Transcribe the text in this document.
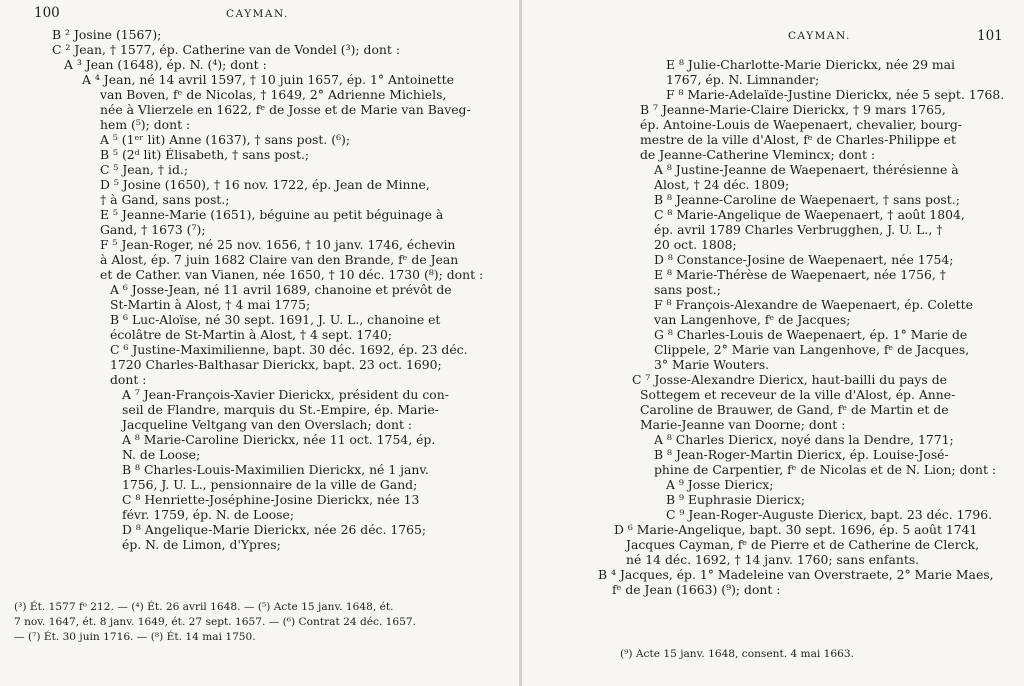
100	CAYMAN.
B ² Josine (1567);
C ² Jean, † 1577, ép. Catherine van de Vondel (³); dont :
A ³ Jean (1648), ép. N. (⁴); dont :
A ⁴ Jean, né 14 avril 1597, † 10 juin 1657, ép. 1° Antoinette
van Boven, fᵉ de Nicolas, † 1649, 2° Adrienne Michiels,
née à Vlierzele en 1622, fᵉ de Josse et de Marie van Baveg-
hem (⁵); dont :
A ⁵ (1ᵉʳ lit) Anne (1637), † sans post. (⁶);
B ⁵ (2ᵈ lit) Élisabeth, † sans post.;
C ⁵ Jean, † id.;
D ⁵ Josine (1650), † 16 nov. 1722, ép. Jean de Minne,
† à Gand, sans post.;
E ⁵ Jeanne-Marie (1651), béguine au petit béguinage à
Gand, † 1673 (⁷);
F ⁵ Jean-Roger, né 25 nov. 1656, † 10 janv. 1746, échevin
à Alost, ép. 7 juin 1682 Claire van den Brande, fᵉ de Jean
et de Cather. van Vianen, née 1650, † 10 déc. 1730 (⁸); dont :
A ⁶ Josse-Jean, né 11 avril 1689, chanoine et prévôt de
St-Martin à Alost, † 4 mai 1775;
B ⁶ Luc-Aloïse, né 30 sept. 1691, J. U. L., chanoine et
écolâtre de St-Martin à Alost, † 4 sept. 1740;
C ⁶ Justine-Maximilienne, bapt. 30 déc. 1692, ép. 23 déc.
1720 Charles-Balthasar Dierickx, bapt. 23 oct. 1690;
dont :
A ⁷ Jean-François-Xavier Dierickx, président du con-
seil de Flandre, marquis du St.-Empire, ép. Marie-
Jacqueline Veltgang van den Overslach; dont :
A ⁸ Marie-Caroline Dierickx, née 11 oct. 1754, ép.
N. de Loose;
B ⁸ Charles-Louis-Maximilien Dierickx, né 1 janv.
1756, J. U. L., pensionnaire de la ville de Gand;
C ⁸ Henriette-Joséphine-Josine Dierickx, née 13
févr. 1759, ép. N. de Loose;
D ⁸ Angelique-Marie Dierickx, née 26 déc. 1765;
ép. N. de Limon, d'Ypres;
(³) Ét. 1577 fᵒ 212. — (⁴) Ét. 26 avril 1648. — (⁵) Acte 15 janv. 1648, ét.
7 nov. 1647, ét. 8 janv. 1649, ét. 27 sept. 1657. — (⁶) Contrat 24 déc. 1657.
— (⁷) Ét. 30 juin 1716. — (⁸) Ét. 14 mai 1750.
CAYMAN.	101
E ⁸ Julie-Charlotte-Marie Dierickx, née 29 mai
1767, ép. N. Limnander;
F ⁸ Marie-Adelaïde-Justine Dierickx, née 5 sept. 1768.
B ⁷ Jeanne-Marie-Claire Dierickx, † 9 mars 1765,
ép. Antoine-Louis de Waepenaert, chevalier, bourg-
mestre de la ville d'Alost, fᵉ de Charles-Philippe et
de Jeanne-Catherine Vlemincx; dont :
A ⁸ Justine-Jeanne de Waepenaert, thérésienne à
Alost, † 24 déc. 1809;
B ⁸ Jeanne-Caroline de Waepenaert, † sans post.;
C ⁸ Marie-Angelique de Waepenaert, † août 1804,
ép. avril 1789 Charles Verbrugghen, J. U. L., †
20 oct. 1808;
D ⁸ Constance-Josine de Waepenaert, née 1754;
E ⁸ Marie-Thérèse de Waepenaert, née 1756, †
sans post.;
F ⁸ François-Alexandre de Waepenaert, ép. Colette
van Langenhove, fᵉ de Jacques;
G ⁸ Charles-Louis de Waepenaert, ép. 1° Marie de
Clippele, 2° Marie van Langenhove, fᵉ de Jacques,
3° Marie Wouters.
C ⁷ Josse-Alexandre Diericx, haut-bailli du pays de
Sottegem et receveur de la ville d'Alost, ép. Anne-
Caroline de Brauwer, de Gand, fᵉ de Martin et de
Marie-Jeanne van Doorne; dont :
A ⁸ Charles Diericx, noyé dans la Dendre, 1771;
B ⁸ Jean-Roger-Martin Diericx, ép. Louise-José-
phine de Carpentier, fᵉ de Nicolas et de N. Lion; dont :
A ⁹ Josse Diericx;
B ⁹ Euphrasie Diericx;
C ⁹ Jean-Roger-Auguste Diericx, bapt. 23 déc. 1796.
D ⁶ Marie-Angelique, bapt. 30 sept. 1696, ép. 5 août 1741
Jacques Cayman, fᵉ de Pierre et de Catherine de Clerck,
né 14 déc. 1692, † 14 janv. 1760; sans enfants.
B ⁴ Jacques, ép. 1° Madeleine van Overstraete, 2° Marie Maes,
fᵉ de Jean (1663) (⁹); dont :
(⁹) Acte 15 janv. 1648, consent. 4 mai 1663.
